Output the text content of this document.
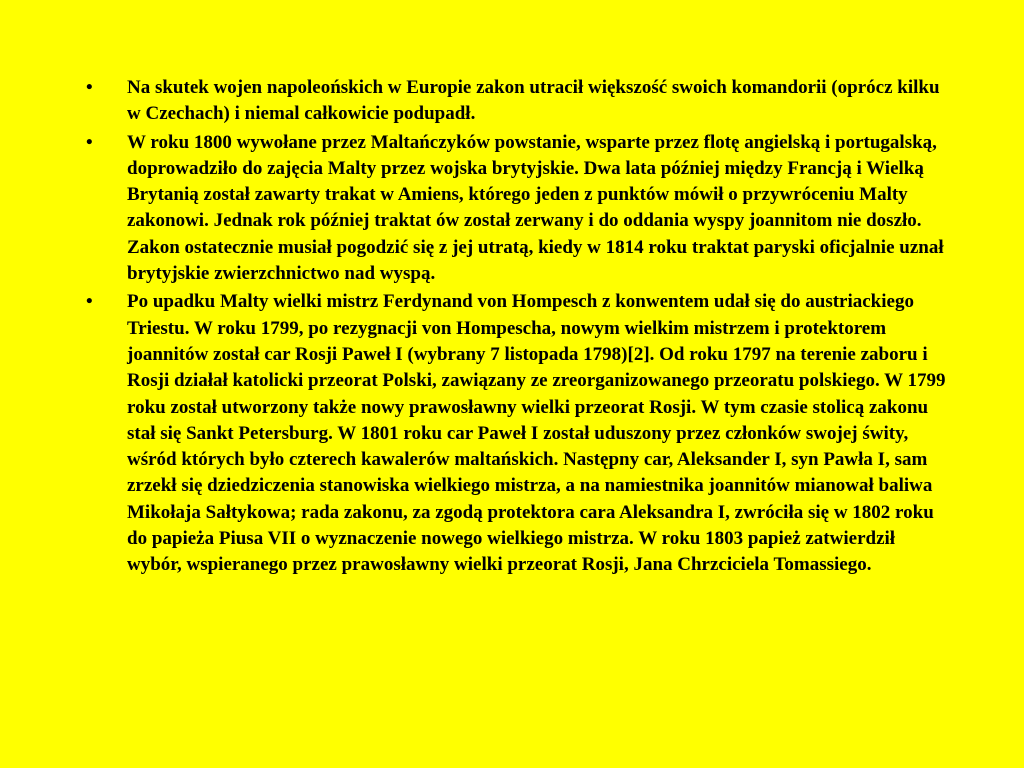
•	Na skutek wojen napoleońskich w Europie zakon utracił większość swoich komandorii (oprócz kilku w Czechach) i niemal całkowicie podupadł.
•	W roku 1800 wywołane przez Maltańczyków powstanie, wsparte przez flotę angielską i portugalską, doprowadziło do zajęcia Malty przez wojska brytyjskie. Dwa lata później między Francją i Wielką Brytanią został zawarty trakat w Amiens, którego jeden z punktów mówił o przywróceniu Malty zakonowi. Jednak rok później traktat ów został zerwany i do oddania wyspy joannitom nie doszło. Zakon ostatecznie musiał pogodzić się z jej utratą, kiedy w 1814 roku traktat paryski oficjalnie uznał brytyjskie zwierzchnictwo nad wyspą.
•	Po upadku Malty wielki mistrz Ferdynand von Hompesch z konwentem udał się do austriackiego Triestu. W roku 1799, po rezygnacji von Hompescha, nowym wielkim mistrzem i protektorem joannitów został car Rosji Paweł I (wybrany 7 listopada 1798)[2]. Od roku 1797 na terenie zaboru i Rosji działał katolicki przeorat Polski, zawiązany ze zreorganizowanego przeoratu polskiego. W 1799 roku został utworzony także nowy prawosławny wielki przeorat Rosji. W tym czasie stolicą zakonu stał się Sankt Petersburg. W 1801 roku car Paweł I został uduszony przez członków swojej świty, wśród których było czterech kawalerów maltańskich. Następny car, Aleksander I, syn Pawła I, sam zrzekł się dziedziczenia stanowiska wielkiego mistrza, a na namiestnika joannitów mianował baliwa Mikołaja Sałtykowa; rada zakonu, za zgodą protektora cara Aleksandra I, zwróciła się w 1802 roku do papieża Piusa VII o wyznaczenie nowego wielkiego mistrza. W roku 1803 papież zatwierdził wybór, wspieranego przez prawosławny wielki przeorat Rosji, Jana Chrzciciela Tomassiego.
